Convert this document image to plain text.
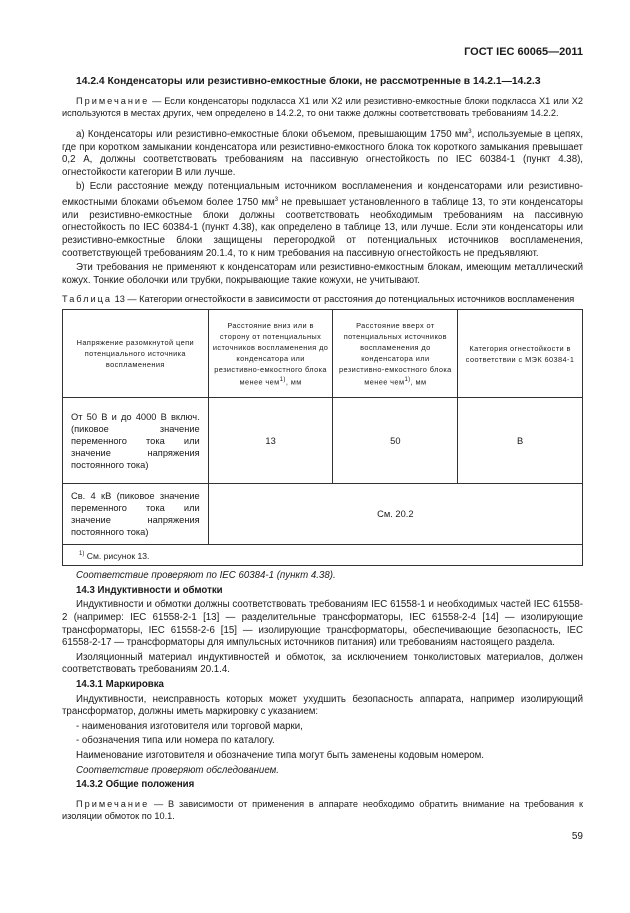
ГОСТ IEC 60065—2011
14.2.4 Конденсаторы или резистивно-емкостные блоки, не рассмотренные в 14.2.1—14.2.3

Примечание — Если конденсаторы подкласса X1 или X2 или резистивно-емкостные блоки подкласса X1 или X2 используются в местах других, чем определено в 14.2.2, то они также должны соответствовать требованиям 14.2.2.

a) Конденсаторы или резистивно-емкостные блоки объемом, превышающим 1750 $мм^3$, используемые в цепях, где при коротком замыкании конденсатора или резистивно-емкостного блока ток короткого замыкания превышает 0,2 А, должны соответствовать требованиям на пассивную огнестойкость по IEC 60384-1 (пункт 4.38), огнестойкости категории В или лучше.

b) Если расстояние между потенциальным источником воспламенения и конденсаторами или резистивно-емкостными блоками объемом более 1750 $мм^3$ не превышает установленного в таблице 13, то эти конденсаторы или резистивно-емкостные блоки должны соответствовать необходимым требованиям на пассивную огнестойкость по IEC 60384-1 (пункт 4.38), как определено в таблице 13, или лучше. Если эти конденсаторы или резистивно-емкостные блоки защищены перегородкой от потенциальных источников воспламенения, соответствующей требованиям 20.1.4, то к ним требования на пассивную огнестойкость не предъявляют.

Эти требования не применяют к конденсаторам или резистивно-емкостным блокам, имеющим металлический кожух. Тонкие оболочки или трубки, покрывающие такие кожухи, не учитывают.

Таблица 13 — Категории огнестойкости в зависимости от расстояния до потенциальных источников воспламенения

Напряжение разомкнутой цепи потенциального источника воспламенения	Расстояние вниз или в сторону от потенциальных источников воспламенения до конденсатора или резистивно-емкостного блока менее чем$^{1)}$, мм	Расстояние вверх от потенциальных источников воспламенения до конденсатора или резистивно-емкостного блока менее чем$^{1)}$, мм	Категория огнестойкости в соответствии с МЭК 60384-1
От 50 В и до 4000 В включ. (пиковое значение переменного тока или значение напряжения постоянного тока)	13	50	В
Св. 4 кВ (пиковое значение переменного тока или значение напряжения постоянного тока)	См. 20.2		
$^{1)}$ См. рисунок 13.			

Соответствие проверяют по IEC 60384-1 (пункт 4.38).

14.3 Индуктивности и обмотки

Индуктивности и обмотки должны соответствовать требованиям IEC 61558-1 и необходимых частей IEC 61558-2 (например: IEC 61558-2-1 [13] — разделительные трансформаторы, IEC 61558-2-4 [14] — изолирующие трансформаторы, IEC 61558-2-6 [15] — изолирующие трансформаторы, обеспечивающие безопасность, IEC 61558-2-17 — трансформаторы для импульсных источников питания) или требованиям настоящего раздела.

Изоляционный материал индуктивностей и обмоток, за исключением тонколистовых материалов, должен соответствовать требованиям 20.1.4.

14.3.1 Маркировка

Индуктивности, неисправность которых может ухудшить безопасность аппарата, например изолирующий трансформатор, должны иметь маркировку с указанием:

- наименования изготовителя или торговой марки,

- обозначения типа или номера по каталогу.

Наименование изготовителя и обозначение типа могут быть заменены кодовым номером.

Соответствие проверяют обследованием.

14.3.2 Общие положения

Примечание — В зависимости от применения в аппарате необходимо обратить внимание на требования к изоляции обмоток по 10.1.

59
